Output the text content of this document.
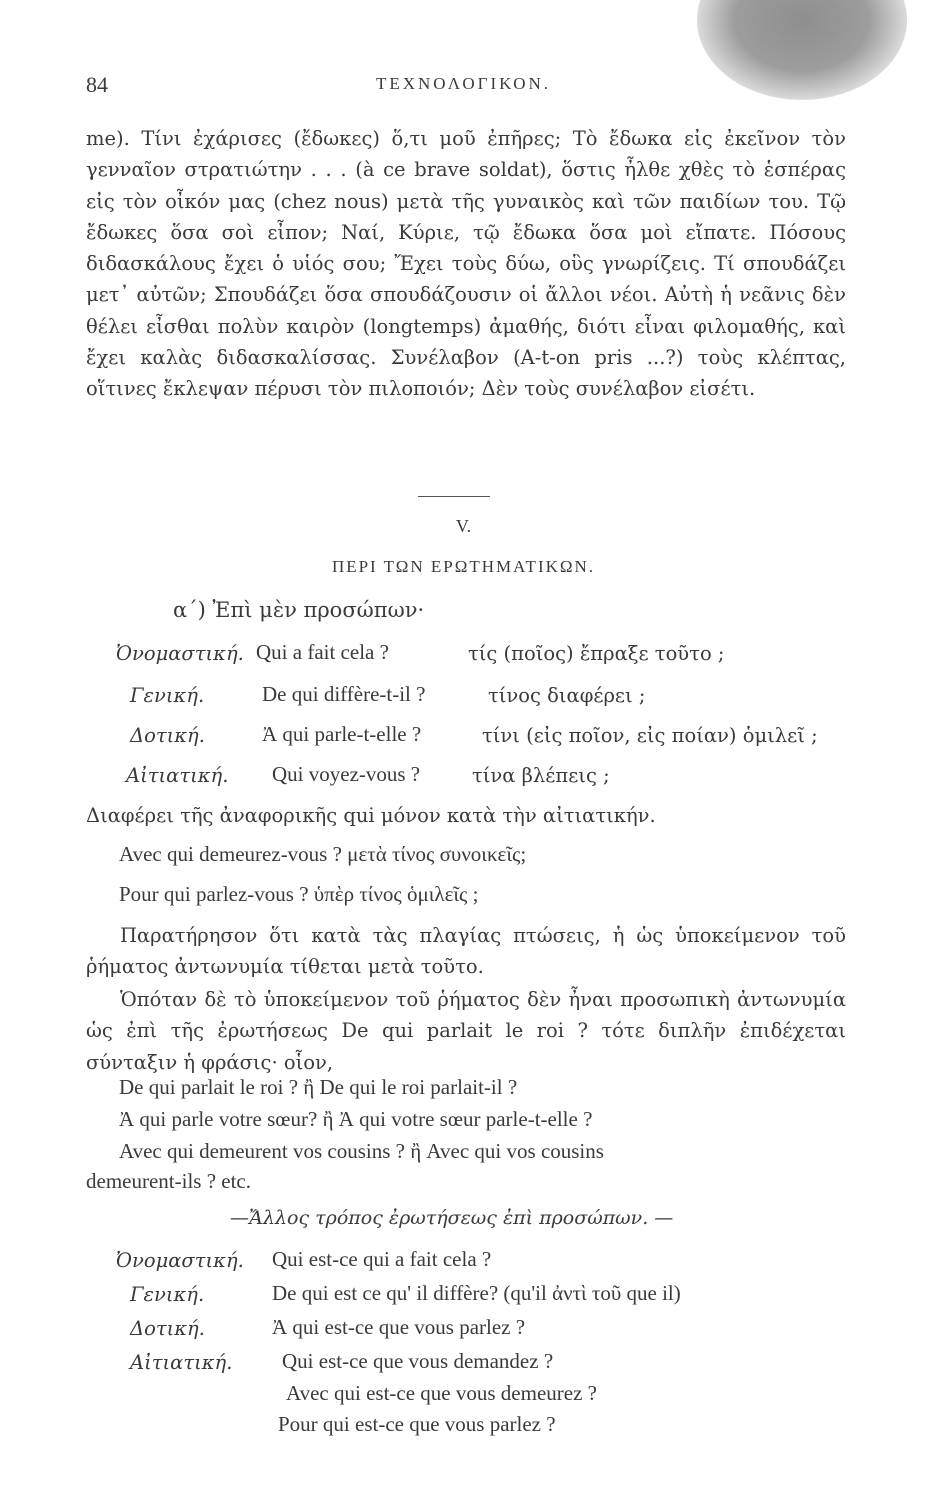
84	ΤΕΧΝΟΛΟΓΙΚΟΝ.

me). Τίνι ἐχάρισες (ἔδωκες) ὅ,τι μοῦ ἐπῆρες; Τὸ ἔδωκα εἰς ἐκεῖνον τὸν γενναῖον στρατιώτην . . . (à ce brave soldat), ὅστις ἦλθε χθὲς τὸ ἑσπέρας εἰς τὸν οἶκόν μας (chez nous) μετὰ τῆς γυναικὸς καὶ τῶν παιδίων του. Τῷ ἔδωκες ὅσα σοὶ εἶπον; Ναί, Κύριε, τῷ ἔδωκα ὅσα μοὶ εἴπατε. Πόσους διδασκάλους ἔχει ὁ υἱός σου; Ἔχει τοὺς δύω, οὓς γνωρίζεις. Τί σπουδάζει μετ᾽ αὐτῶν; Σπουδάζει ὅσα σπουδάζουσιν οἱ ἄλλοι νέοι. Αὐτὴ ἡ νεᾶνις δὲν θέλει εἶσθαι πολὺν καιρὸν (longtemps) ἀμαθής, διότι εἶναι φιλομαθής, καὶ ἔχει καλὰς διδασκαλίσσας. Συνέλαβον (A-t-on pris ...?) τοὺς κλέπτας, οἵτινες ἔκλεψαν πέρυσι τὸν πιλοποιόν; Δὲν τοὺς συνέλαβον εἰσέτι.

V.
ΠΕΡΙ ΤΩΝ ΕΡΩΤΗΜΑΤΙΚΩΝ.
α´) Ἐπὶ μὲν προσώπων·
Ὀνομαστική. Qui a fait cela ?	τίς (ποῖος) ἔπραξε τοῦτο ;
Γενική.	De qui diffère-t-il ?	τίνος διαφέρει ;
Δοτική.	Ἀ qui parle-t-elle ?	τίνι (εἰς ποῖον, εἰς ποίαν) ὁμιλεῖ ;
Αἰτιατική. Qui voyez-vous ?	τίνα βλέπεις ;
Διαφέρει τῆς ἀναφορικῆς qui μόνον κατὰ τὴν αἰτιατικήν.
Avec qui demeurez-vous ? μετὰ τίνος συνοικεῖς;
Pour qui parlez-vous ? ὑπὲρ τίνος ὁμιλεῖς ;

Παρατήρησον ὅτι κατὰ τὰς πλαγίας πτώσεις, ἡ ὡς ὑποκείμενον τοῦ ῥήματος ἀντωνυμία τίθεται μετὰ τοῦτο.

Ὁπόταν δὲ τὸ ὑποκείμενον τοῦ ῥήματος δὲν ἦναι προσωπικὴ ἀντωνυμία ὡς ἐπὶ τῆς ἐρωτήσεως De qui parlait le roi ? τότε διπλῆν ἐπιδέχεται σύνταξιν ἡ φράσις· οἷον,

De qui parlait le roi ? ἢ De qui le roi parlait-il ?
Ἀ qui parle votre sœur? ἢ Ἀ qui votre sœur parle-t-elle ?
Avec qui demeurent vos cousins ? ἢ Avec qui vos cousins
demeurent-ils ? etc.
—Ἄλλος τρόπος ἐρωτήσεως ἐπὶ προσώπων. —
Ὀνομαστική. Qui est-ce qui a fait cela ?
Γενική.	De qui est ce qu' il diffère? (qu'il ἀντὶ τοῦ que il)
Δοτική.	Ἀ qui est-ce que vous parlez ?
Αἰτιατική. Qui est-ce que vous demandez ?
Avec qui est-ce que vous demeurez ?
Pour qui est-ce que vous parlez ?
